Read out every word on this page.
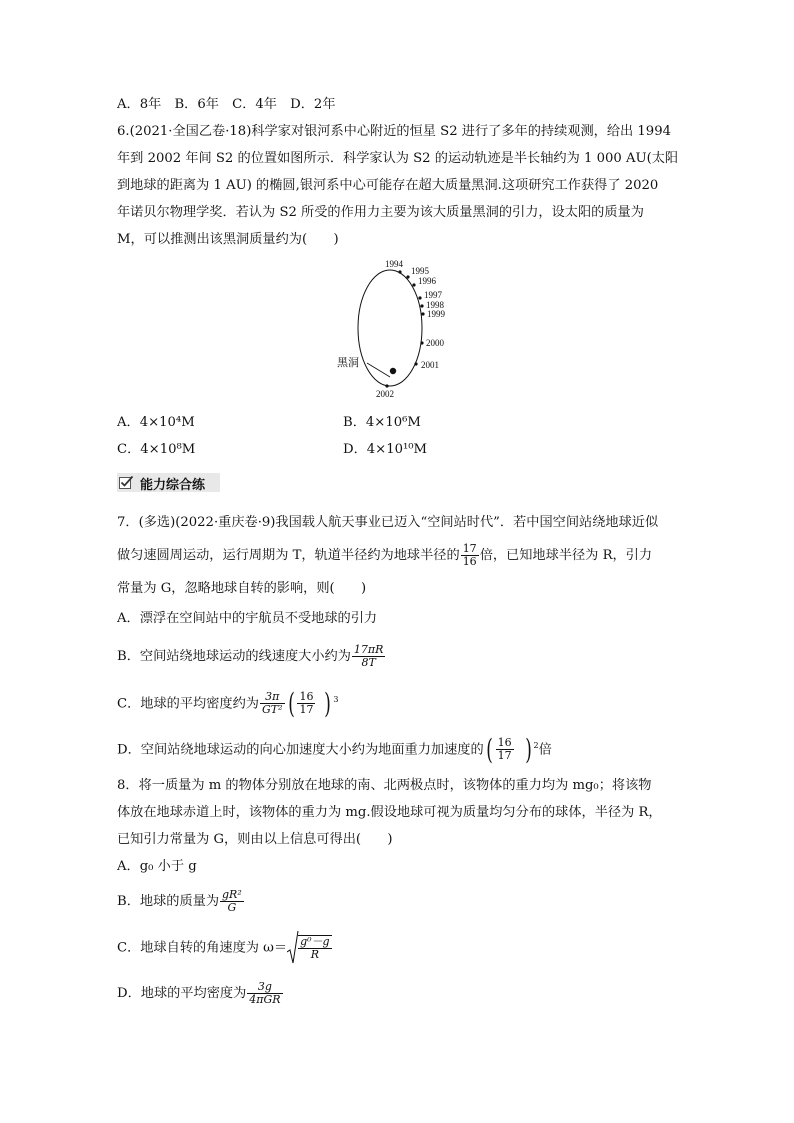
A．8年　B．6年　C．4年　D．2年
6.(2021·全国乙卷·18)科学家对银河系中心附近的恒星 S2 进行了多年的持续观测，给出 1994
年到 2002 年间 S2 的位置如图所示．科学家认为 S2 的运动轨迹是半长轴约为 1 000 AU(太阳
到地球的距离为 1 AU) 的椭圆,银河系中心可能存在超大质量黑洞.这项研究工作获得了 2020
年诺贝尔物理学奖．若认为 S2 所受的作用力主要为该大质量黑洞的引力，设太阳的质量为
M，可以推测出该黑洞质量约为(　　)
1994
1995
1996
1997
1998
1999
2000
2001
2002
黑洞
A．4×10⁴M	B．4×10⁶M
C．4×10⁸M	D．4×10¹⁰M
能力综合练
7．(多选)(2022·重庆卷·9)我国载人航天事业已迈入“空间站时代”．若中国空间站绕地球近似
做匀速圆周运动，运行周期为 T，轨道半径约为地球半径的 $\frac{17}{16}$ 倍，已知地球半径为 R，引力
常量为 G，忽略地球自转的影响，则(　　)
A．漂浮在空间站中的宇航员不受地球的引力
B．空间站绕地球运动的线速度大小约为 $\frac{17\pi R}{8T}$
C．地球的平均密度约为 $\frac{3\pi}{\text{GT²}}$ ( $\frac{16}{17}$ ) $^3$
D．空间站绕地球运动的向心加速度大小约为地面重力加速度的( $\frac{16}{17}$ ) $^2$倍
8．将一质量为 m 的物体分别放在地球的南、北两极点时，该物体的重力均为 mg₀；将该物
体放在地球赤道上时，该物体的重力为 mg.假设地球可视为质量均匀分布的球体，半径为 R，
已知引力常量为 G，则由以上信息可得出(　　)
A．g₀ 小于 g
B．地球的质量为 $\frac{\text{gR²}}{G}$
C．地球自转的角速度为 $\omega= \frac{\text{g⁰－g}}{R}$
D．地球的平均密度为 $\frac{3g}{\text{4πGR}}$
